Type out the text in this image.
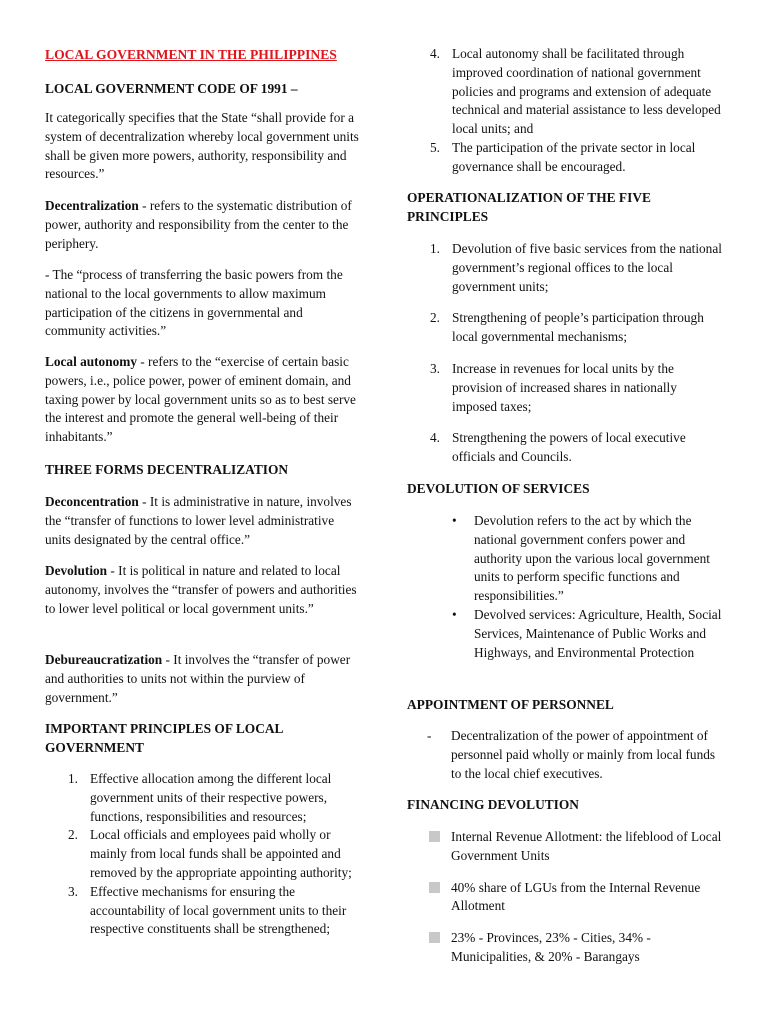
LOCAL GOVERNMENT IN THE PHILIPPINES

LOCAL GOVERNMENT CODE OF 1991 –

It categorically specifies that the State “shall provide for a system of decentralization whereby local government units shall be given more powers, authority, responsibility and resources.”

Decentralization - refers to the systematic distribution of power, authority and responsibility from the center to the periphery.

- The “process of transferring the basic powers from the national to the local governments to allow maximum participation of the citizens in governmental and community activities.”

Local autonomy - refers to the “exercise of certain basic powers, i.e., police power, power of eminent domain, and taxing power by local government units so as to best serve the interest and promote the general well-being of their inhabitants.”

THREE FORMS DECENTRALIZATION

Deconcentration - It is administrative in nature, involves the “transfer of functions to lower level administrative units designated by the central office.”

Devolution - It is political in nature and related to local autonomy, involves the “transfer of powers and authorities to lower level political or local government units.”

Debureaucratization - It involves the “transfer of power and authorities to units not within the purview of government.”

IMPORTANT PRINCIPLES OF LOCAL GOVERNMENT

1. Effective allocation among the different local government units of their respective powers, functions, responsibilities and resources;
2. Local officials and employees paid wholly or mainly from local funds shall be appointed and removed by the appropriate appointing authority;
3. Effective mechanisms for ensuring the accountability of local government units to their respective constituents shall be strengthened;
4. Local autonomy shall be facilitated through improved coordination of national government policies and programs and extension of adequate technical and material assistance to less developed local units; and
5. The participation of the private sector in local governance shall be encouraged.

OPERATIONALIZATION OF THE FIVE PRINCIPLES

1. Devolution of five basic services from the national government’s regional offices to the local government units;
2. Strengthening of people’s participation through local governmental mechanisms;
3. Increase in revenues for local units by the provision of increased shares in nationally imposed taxes;
4. Strengthening the powers of local executive officials and Councils.

DEVOLUTION OF SERVICES

• Devolution refers to the act by which the national government confers power and authority upon the various local government units to perform specific functions and responsibilities.”
• Devolved services: Agriculture, Health, Social Services, Maintenance of Public Works and Highways, and Environmental Protection

APPOINTMENT OF PERSONNEL

- Decentralization of the power of appointment of personnel paid wholly or mainly from local funds to the local chief executives.

FINANCING DEVOLUTION

Internal Revenue Allotment: the lifeblood of Local Government Units
40% share of LGUs from the Internal Revenue Allotment
23% - Provinces, 23% - Cities, 34% - Municipalities, & 20% - Barangays
